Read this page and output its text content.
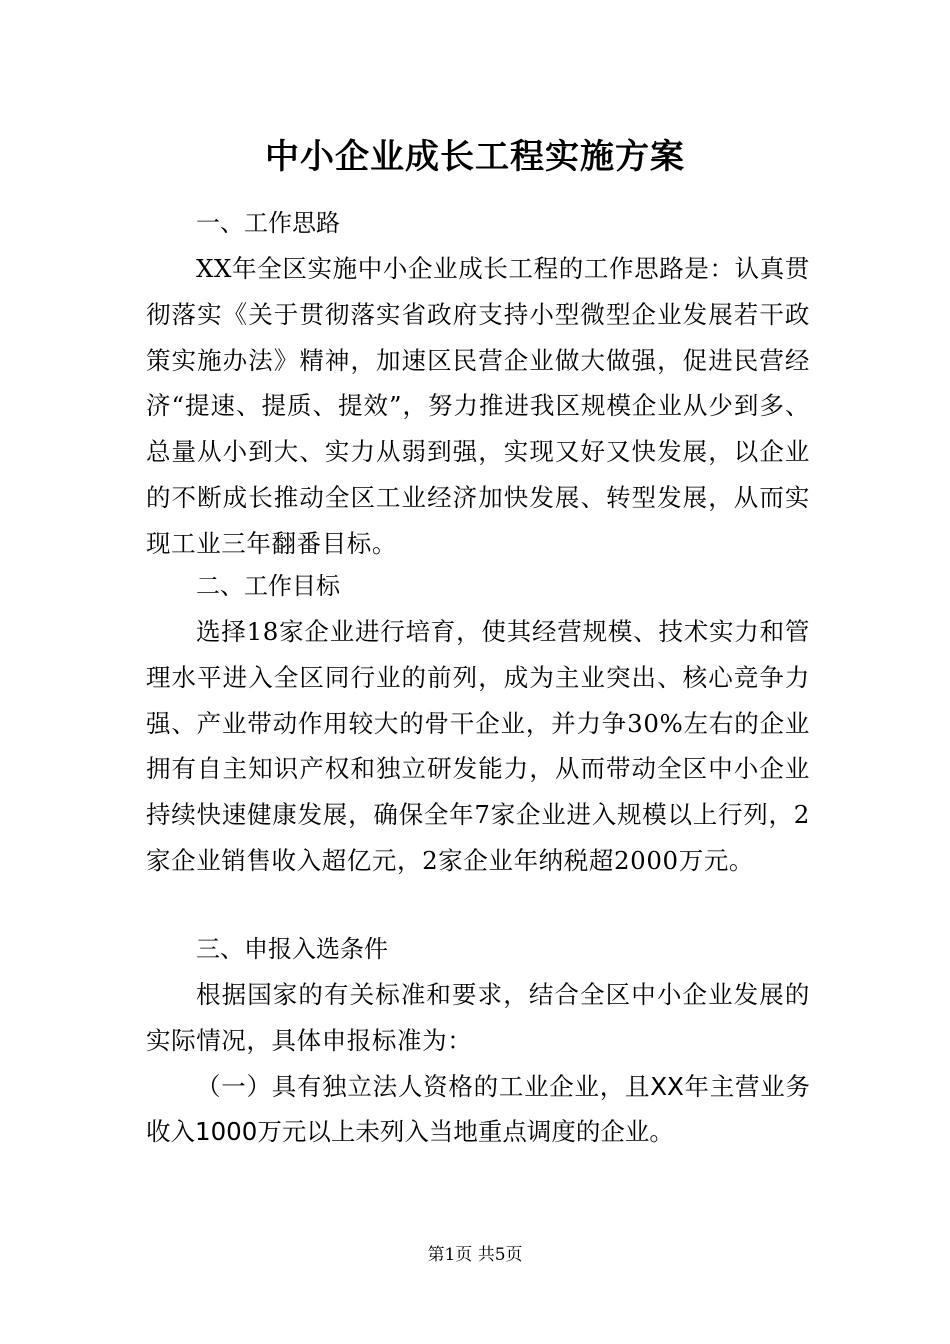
中小企业成长工程实施方案
一、工作思路
XX年全区实施中小企业成长工程的工作思路是：认真贯彻落实《关于贯彻落实省政府支持小型微型企业发展若干政策实施办法》精神，加速区民营企业做大做强，促进民营经济“提速、提质、提效”，努力推进我区规模企业从少到多、总量从小到大、实力从弱到强，实现又好又快发展，以企业的不断成长推动全区工业经济加快发展、转型发展，从而实现工业三年翻番目标。
二、工作目标
选择18家企业进行培育，使其经营规模、技术实力和管理水平进入全区同行业的前列，成为主业突出、核心竞争力强、产业带动作用较大的骨干企业，并力争30%左右的企业拥有自主知识产权和独立研发能力，从而带动全区中小企业持续快速健康发展，确保全年7家企业进入规模以上行列，2家企业销售收入超亿元，2家企业年纳税超2000万元。
三、申报入选条件
根据国家的有关标准和要求，结合全区中小企业发展的实际情况，具体申报标准为：
（一）具有独立法人资格的工业企业，且XX年主营业务收入1000万元以上未列入当地重点调度的企业。
第1页 共5页
